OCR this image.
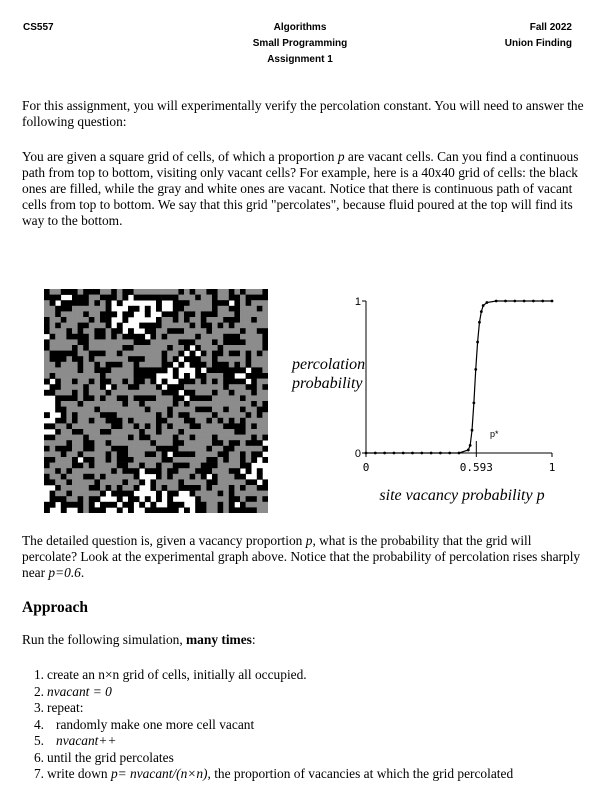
CS557	Algorithms
Small Programming
Assignment 1
Fall 2022
Union Finding

For this assignment, you will experimentally verify the percolation constant. You will need to answer the following question:

You are given a square grid of cells, of which a proportion p are vacant cells. Can you find a continuous path from top to bottom, visiting only vacant cells? For example, here is a 40x40 grid of cells: the black ones are filled, while the gray and white ones are vacant. Notice that there is continuous path of vacant cells from top to bottom. We say that this grid "percolates", because fluid poured at the top will find its way to the bottom.

percolation
probability
0
1
0	0.593	1
p*
site vacancy probability p

The detailed question is, given a vacancy proportion p, what is the probability that the grid will percolate? Look at the experimental graph above. Notice that the probability of percolation rises sharply near p=0.6.

Approach
Run the following simulation, many times:
1. create an n×n grid of cells, initially all occupied.
2. nvacant = 0
3. repeat:
4. randomly make one more cell vacant
5. nvacant++
6. until the grid percolates
7. write down p= nvacant/(n×n), the proportion of vacancies at which the grid percolated
